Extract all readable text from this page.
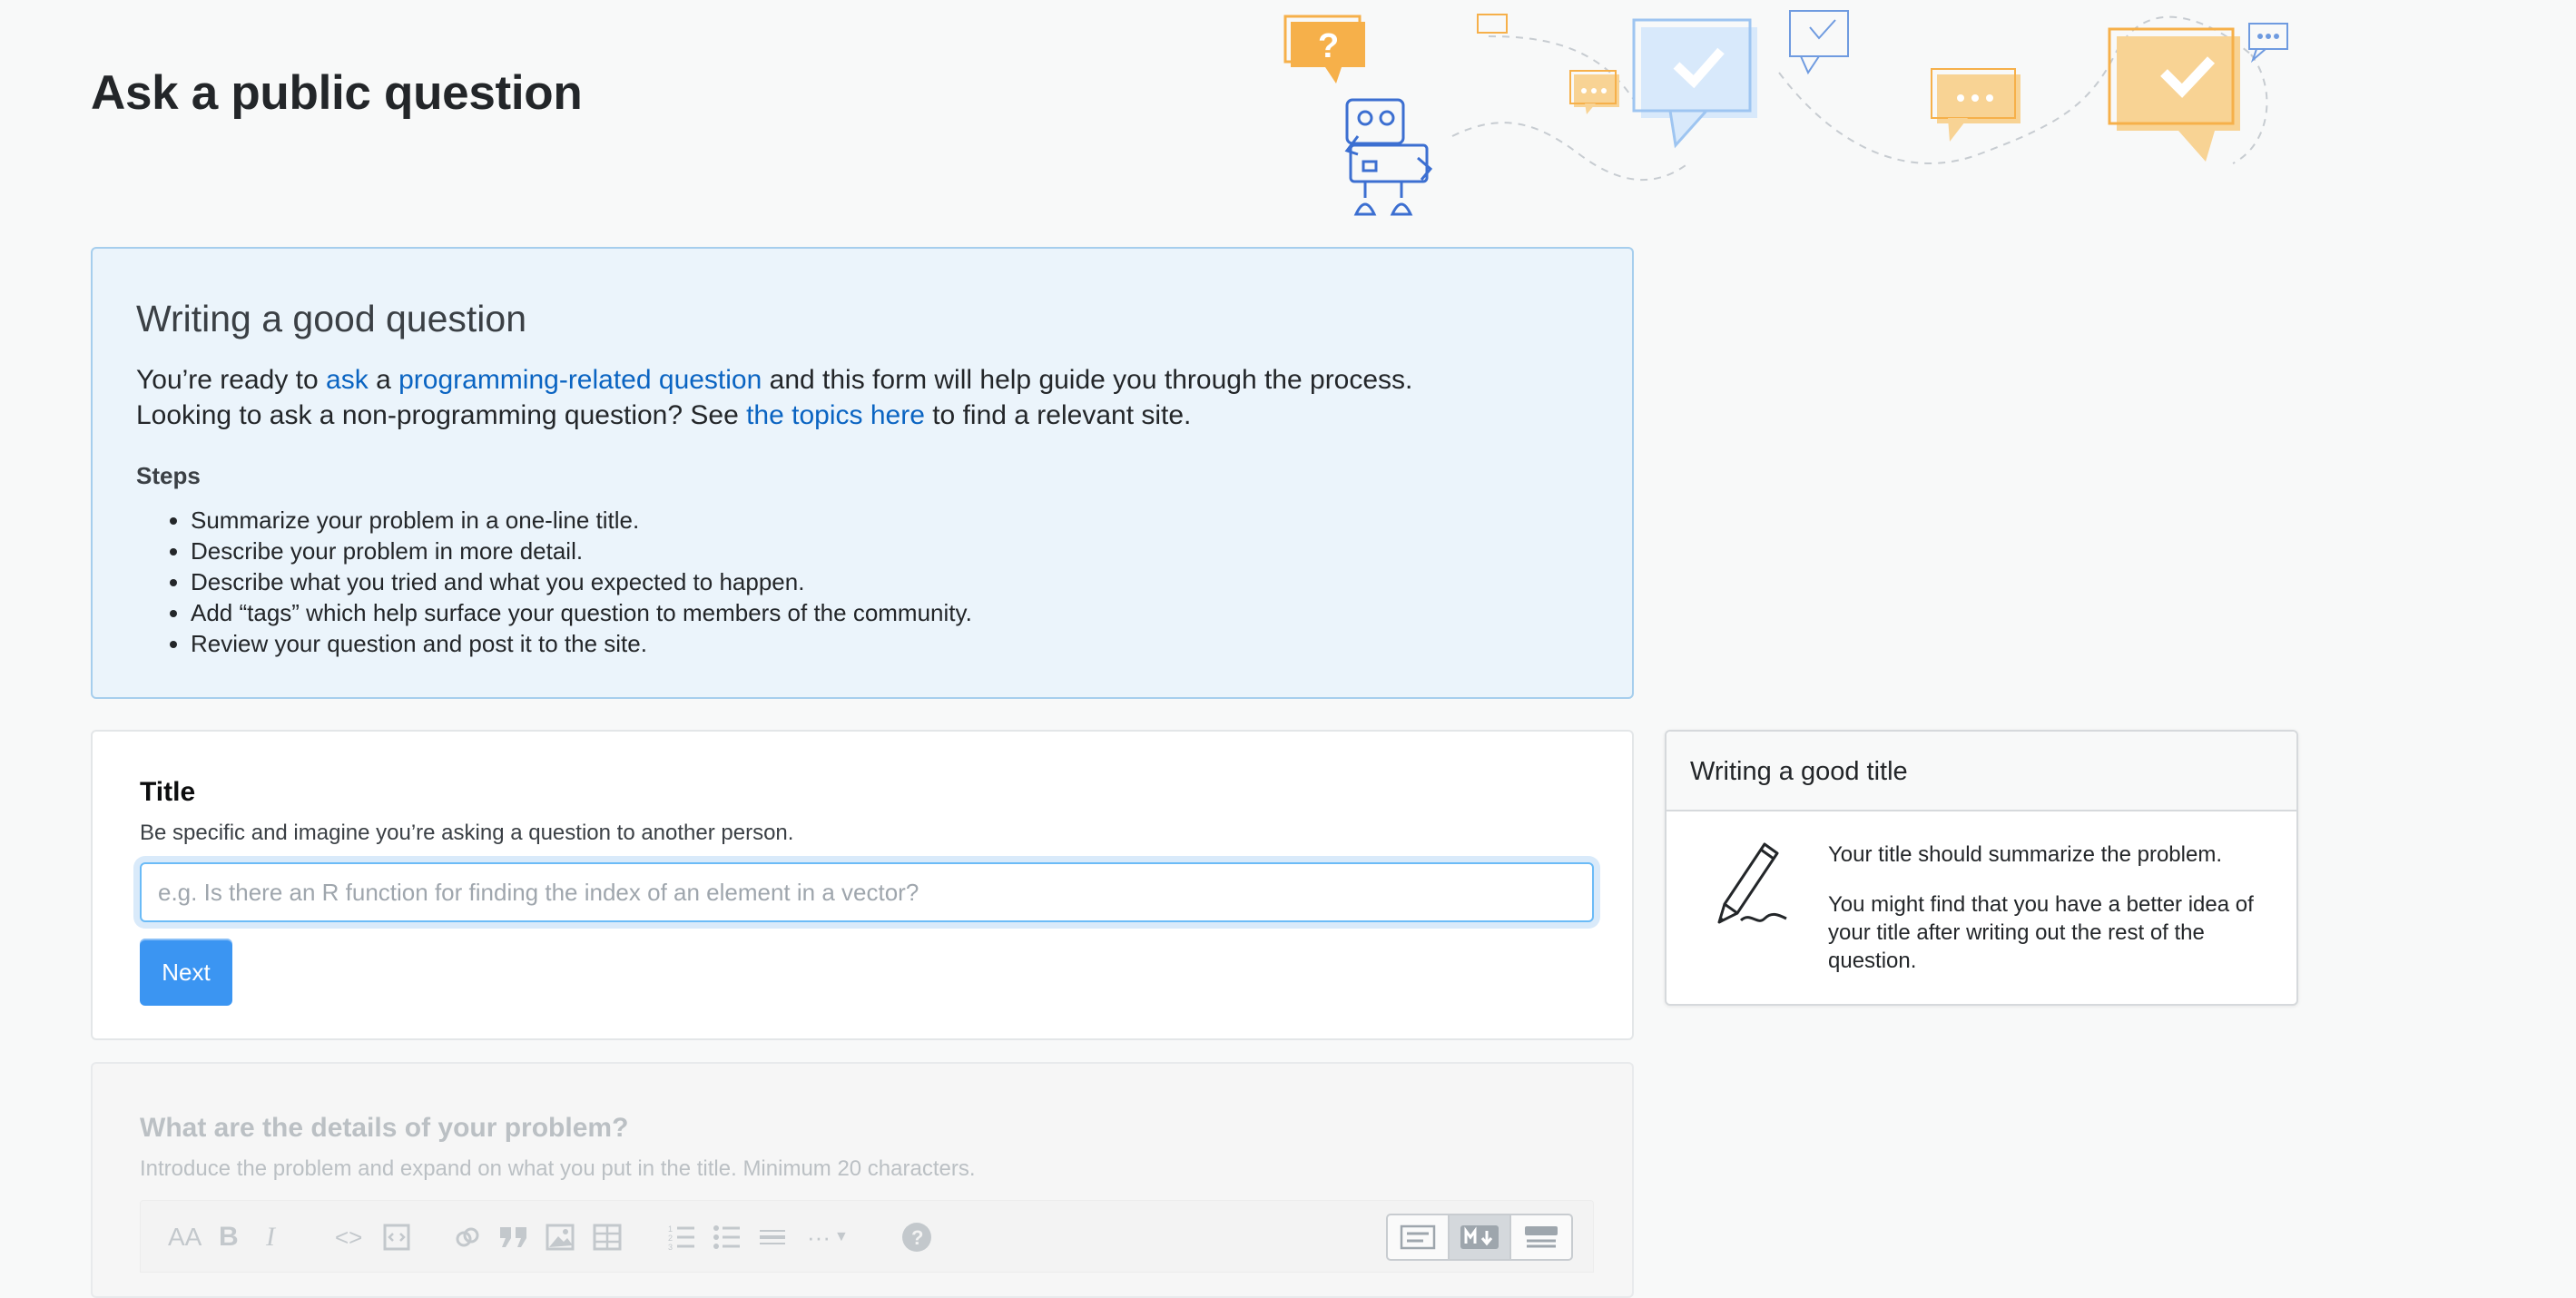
Ask a public question
?
Writing a good question

You’re ready to ask a programming-related question and this form will help guide you through the process.

Looking to ask a non-programming question? See the topics here to find a relevant site.

Steps
• Summarize your problem in a one-line title.
• Describe your problem in more detail.
• Describe what you tried and what you expected to happen.
• Add “tags” which help surface your question to members of the community.
• Review your question and post it to the site.
Title
Be specific and imagine you’re asking a question to another person.
e.g. Is there an R function for finding the index of an element in a vector?
Next
Writing a good title

Your title should summarize the problem.

You might find that you have a better idea of your title after writing out the rest of the question.

What are the details of your problem?
Introduce the problem and expand on what you put in the title. Minimum 20 characters.
AA B I	<>	1
2
3	··· ▼	?
